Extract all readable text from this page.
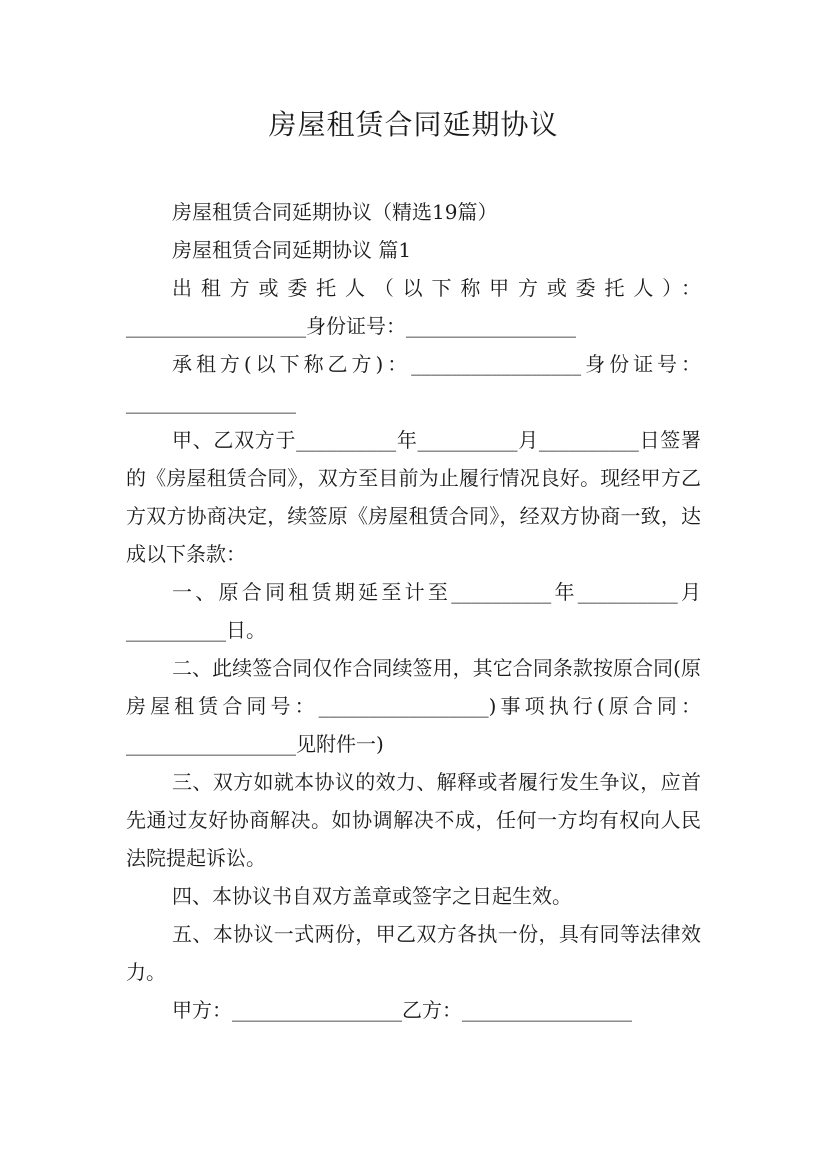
房屋租赁合同延期协议

房屋租赁合同延期协议（精选19篇）

房屋租赁合同延期协议 篇1

出租方或委托人（以下称甲方或委托人）：

__________________身份证号：_________________

承租方(以下称乙方)：_________________身份证号：

_________________

甲、乙双方于__________年__________月__________日签署的《房屋租赁合同》，双方至目前为止履行情况良好。现经甲方乙方双方协商决定，续签原《房屋租赁合同》，经双方协商一致，达成以下条款：

一、原合同租赁期延至计至__________年__________月__________日。

二、此续签合同仅作合同续签用，其它合同条款按原合同(原房屋租赁合同号：_________________)事项执行(原合同：_________________见附件一)

三、双方如就本协议的效力、解释或者履行发生争议，应首先通过友好协商解决。如协调解决不成，任何一方均有权向人民法院提起诉讼。

四、本协议书自双方盖章或签字之日起生效。

五、本协议一式两份，甲乙双方各执一份，具有同等法律效力。

甲方：_________________乙方：_________________
